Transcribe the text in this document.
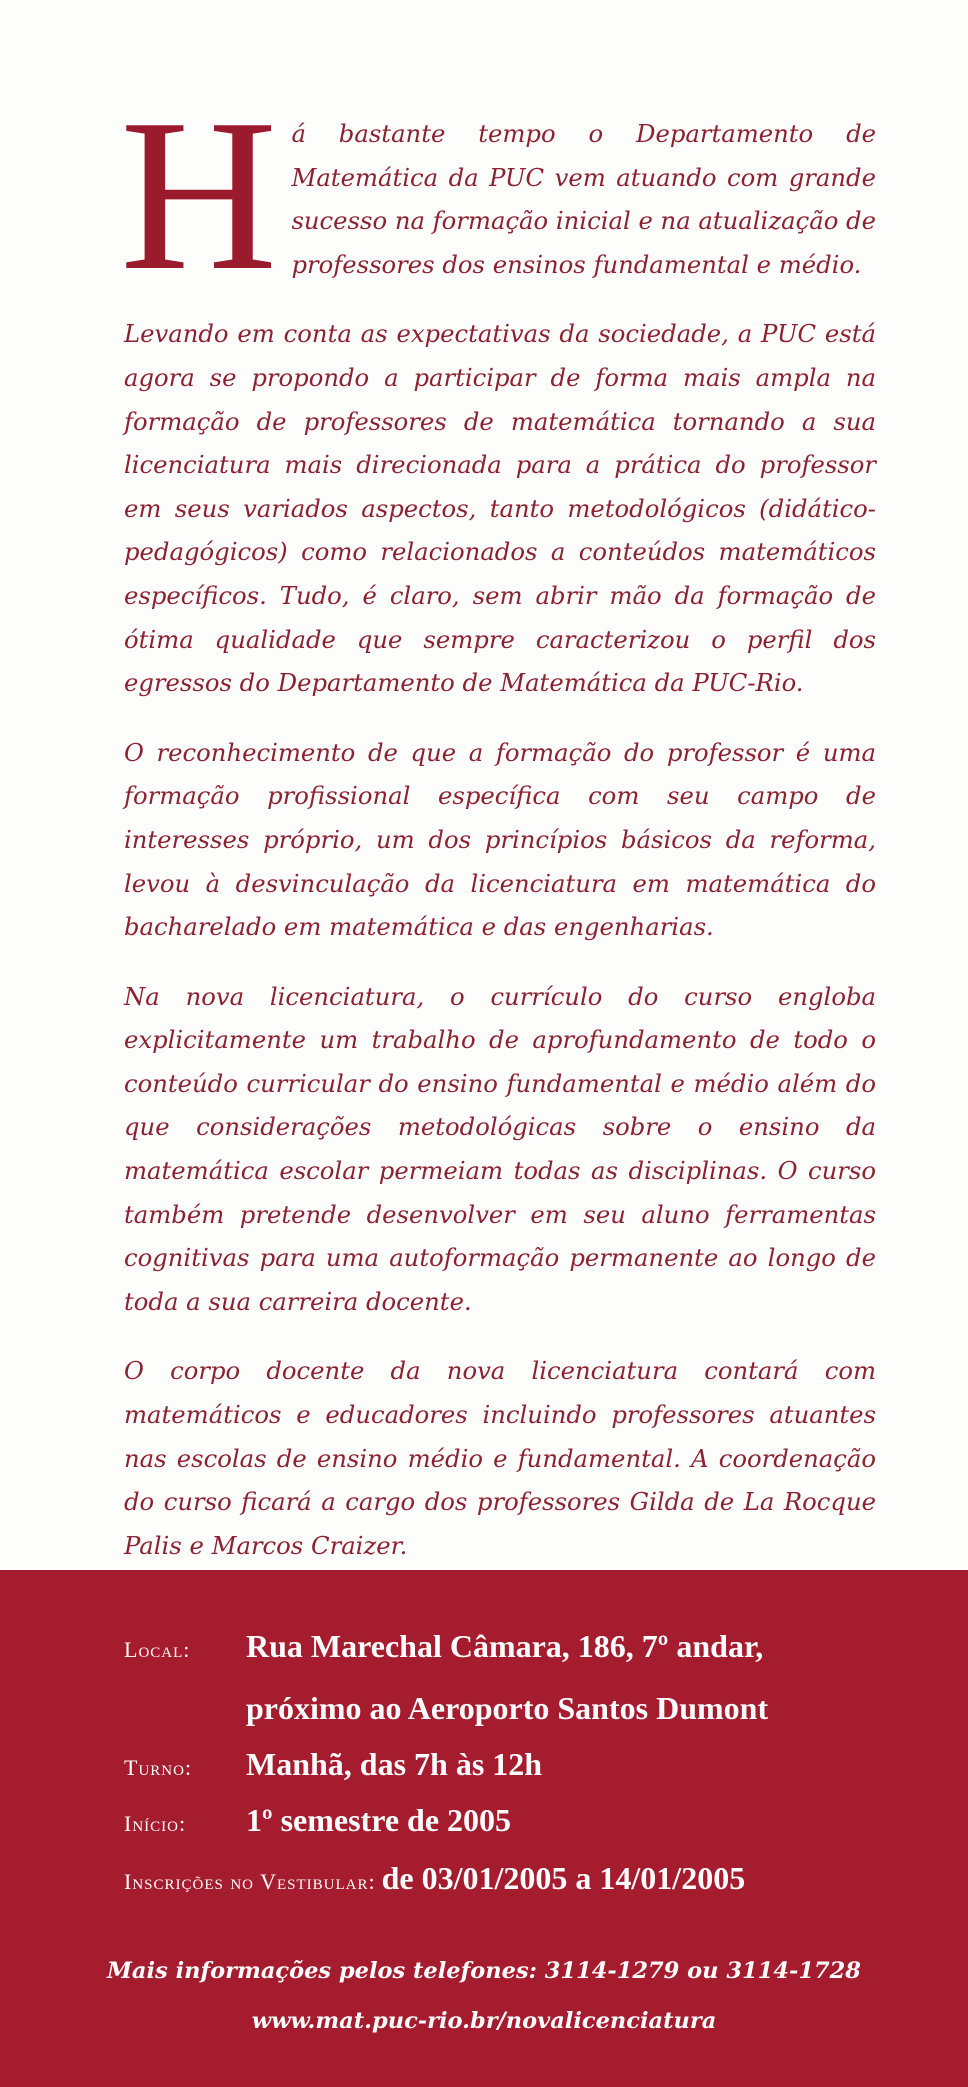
Há bastante tempo o Departamento de Matemática da PUC vem atuando com grande sucesso na formação inicial e na atualização de professores dos ensinos fundamental e médio.

Levando em conta as expectativas da sociedade, a PUC está agora se propondo a participar de forma mais ampla na formação de professores de matemática tornando a sua licenciatura mais direcionada para a prática do professor em seus variados aspectos, tanto metodológicos (didático-pedagógicos) como relacionados a conteúdos matemáticos específicos. Tudo, é claro, sem abrir mão da formação de ótima qualidade que sempre caracterizou o perfil dos egressos do Departamento de Matemática da PUC-Rio.

O reconhecimento de que a formação do professor é uma formação profissional específica com seu campo de interesses próprio, um dos princípios básicos da reforma, levou à desvinculação da licenciatura em matemática do bacharelado em matemática e das engenharias.

Na nova licenciatura, o currículo do curso engloba explicitamente um trabalho de aprofundamento de todo o conteúdo curricular do ensino fundamental e médio além do que considerações metodológicas sobre o ensino da matemática escolar permeiam todas as disciplinas. O curso também pretende desenvolver em seu aluno ferramentas cognitivas para uma autoformação permanente ao longo de toda a sua carreira docente.

O corpo docente da nova licenciatura contará com matemáticos e educadores incluindo professores atuantes nas escolas de ensino médio e fundamental. A coordenação do curso ficará a cargo dos professores Gilda de La Rocque Palis e Marcos Craizer.

Local:	Rua Marechal Câmara, 186, 7º andar,
próximo ao Aeroporto Santos Dumont
Turno:	Manhã, das 7h às 12h
Início:	1º semestre de 2005
Inscrições no Vestibular: de 03/01/2005 a 14/01/2005
Mais informações pelos telefones: 3114-1279 ou 3114-1728
www.mat.puc-rio.br/novalicenciatura
